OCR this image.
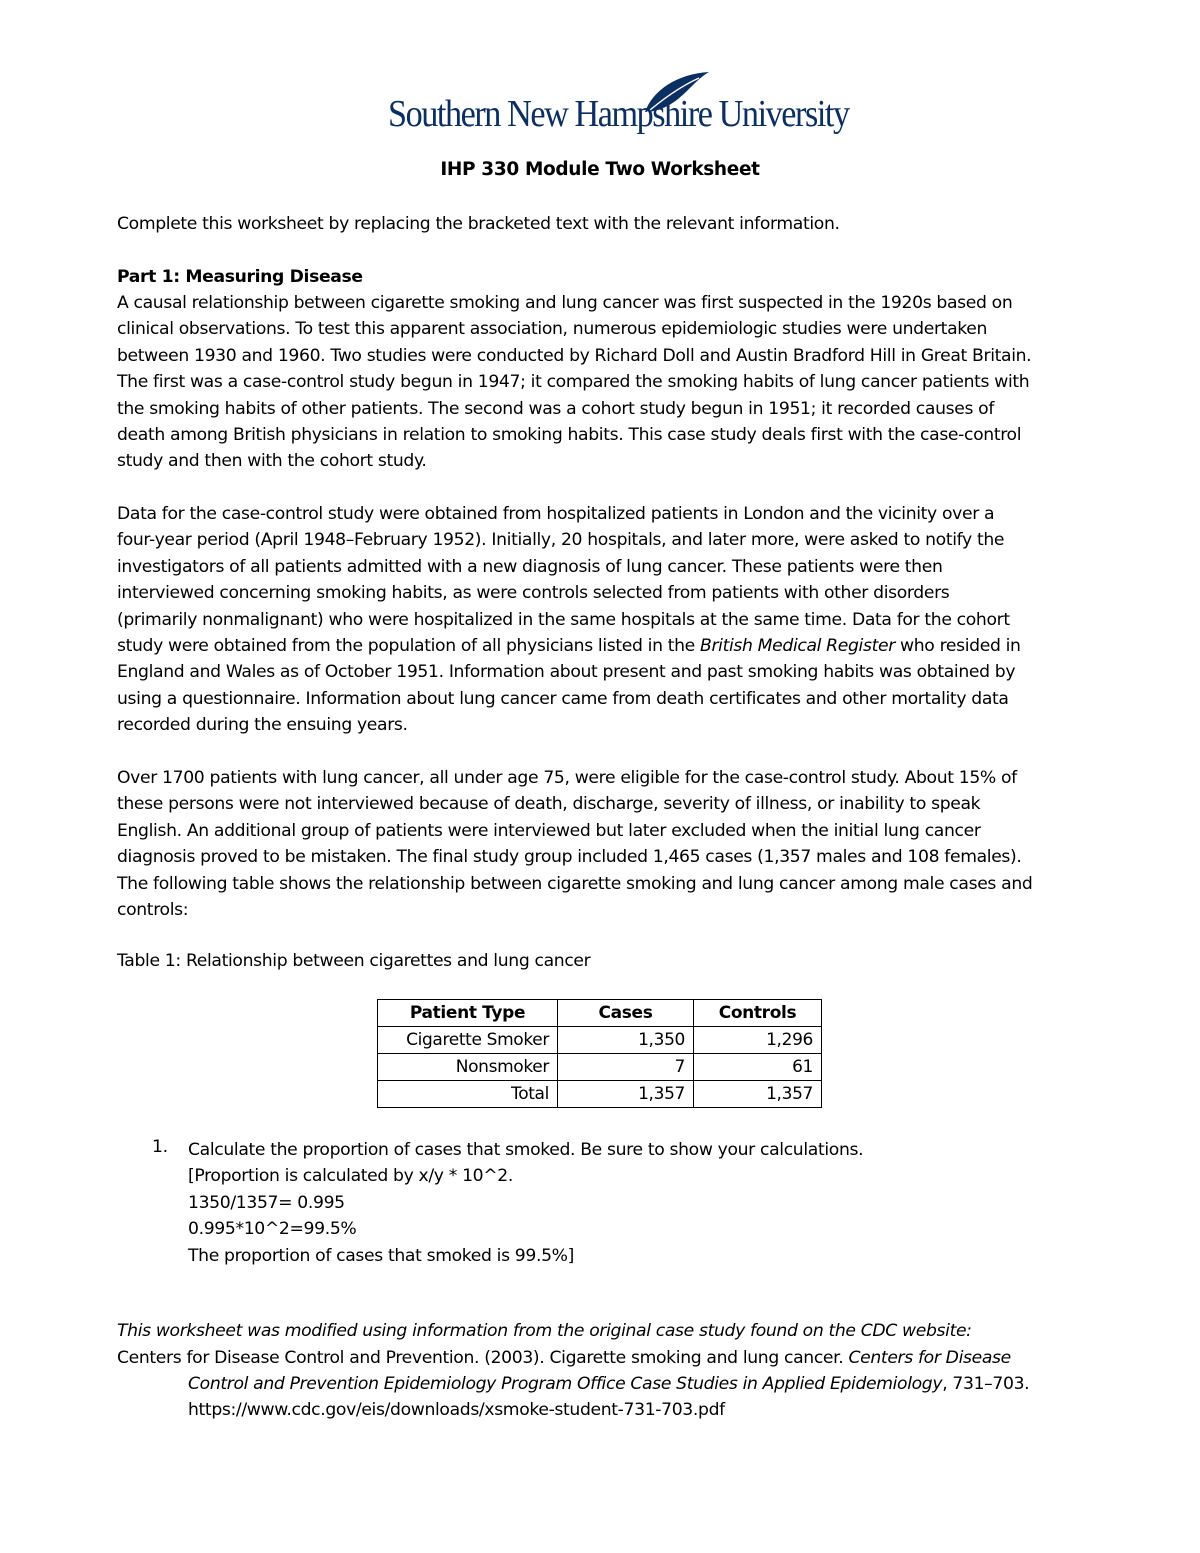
Southern New Hampshire University
IHP 330 Module Two Worksheet
Complete this worksheet by replacing the bracketed text with the relevant information.
Part 1: Measuring Disease
A causal relationship between cigarette smoking and lung cancer was first suspected in the 1920s based on
clinical observations. To test this apparent association, numerous epidemiologic studies were undertaken
between 1930 and 1960. Two studies were conducted by Richard Doll and Austin Bradford Hill in Great Britain.
The first was a case-control study begun in 1947; it compared the smoking habits of lung cancer patients with
the smoking habits of other patients. The second was a cohort study begun in 1951; it recorded causes of
death among British physicians in relation to smoking habits. This case study deals first with the case-control
study and then with the cohort study.
Data for the case-control study were obtained from hospitalized patients in London and the vicinity over a
four-year period (April 1948–February 1952). Initially, 20 hospitals, and later more, were asked to notify the
investigators of all patients admitted with a new diagnosis of lung cancer. These patients were then
interviewed concerning smoking habits, as were controls selected from patients with other disorders
(primarily nonmalignant) who were hospitalized in the same hospitals at the same time. Data for the cohort
study were obtained from the population of all physicians listed in the British Medical Register who resided in
England and Wales as of October 1951. Information about present and past smoking habits was obtained by
using a questionnaire. Information about lung cancer came from death certificates and other mortality data
recorded during the ensuing years.
Over 1700 patients with lung cancer, all under age 75, were eligible for the case-control study. About 15% of
these persons were not interviewed because of death, discharge, severity of illness, or inability to speak
English. An additional group of patients were interviewed but later excluded when the initial lung cancer
diagnosis proved to be mistaken. The final study group included 1,465 cases (1,357 males and 108 females).
The following table shows the relationship between cigarette smoking and lung cancer among male cases and
controls:
Table 1: Relationship between cigarettes and lung cancer
Patient Type	Cases	Controls
Cigarette Smoker	1,350	1,296
Nonsmoker	7	61
Total	1,357	1,357
1. Calculate the proportion of cases that smoked. Be sure to show your calculations.
[Proportion is calculated by x/y * 10^2.
1350/1357= 0.995
0.995*10^2=99.5%
The proportion of cases that smoked is 99.5%]
This worksheet was modified using information from the original case study found on the CDC website:
Centers for Disease Control and Prevention. (2003). Cigarette smoking and lung cancer. Centers for Disease
Control and Prevention Epidemiology Program Office Case Studies in Applied Epidemiology, 731–703.
https://www.cdc.gov/eis/downloads/xsmoke-student-731-703.pdf
